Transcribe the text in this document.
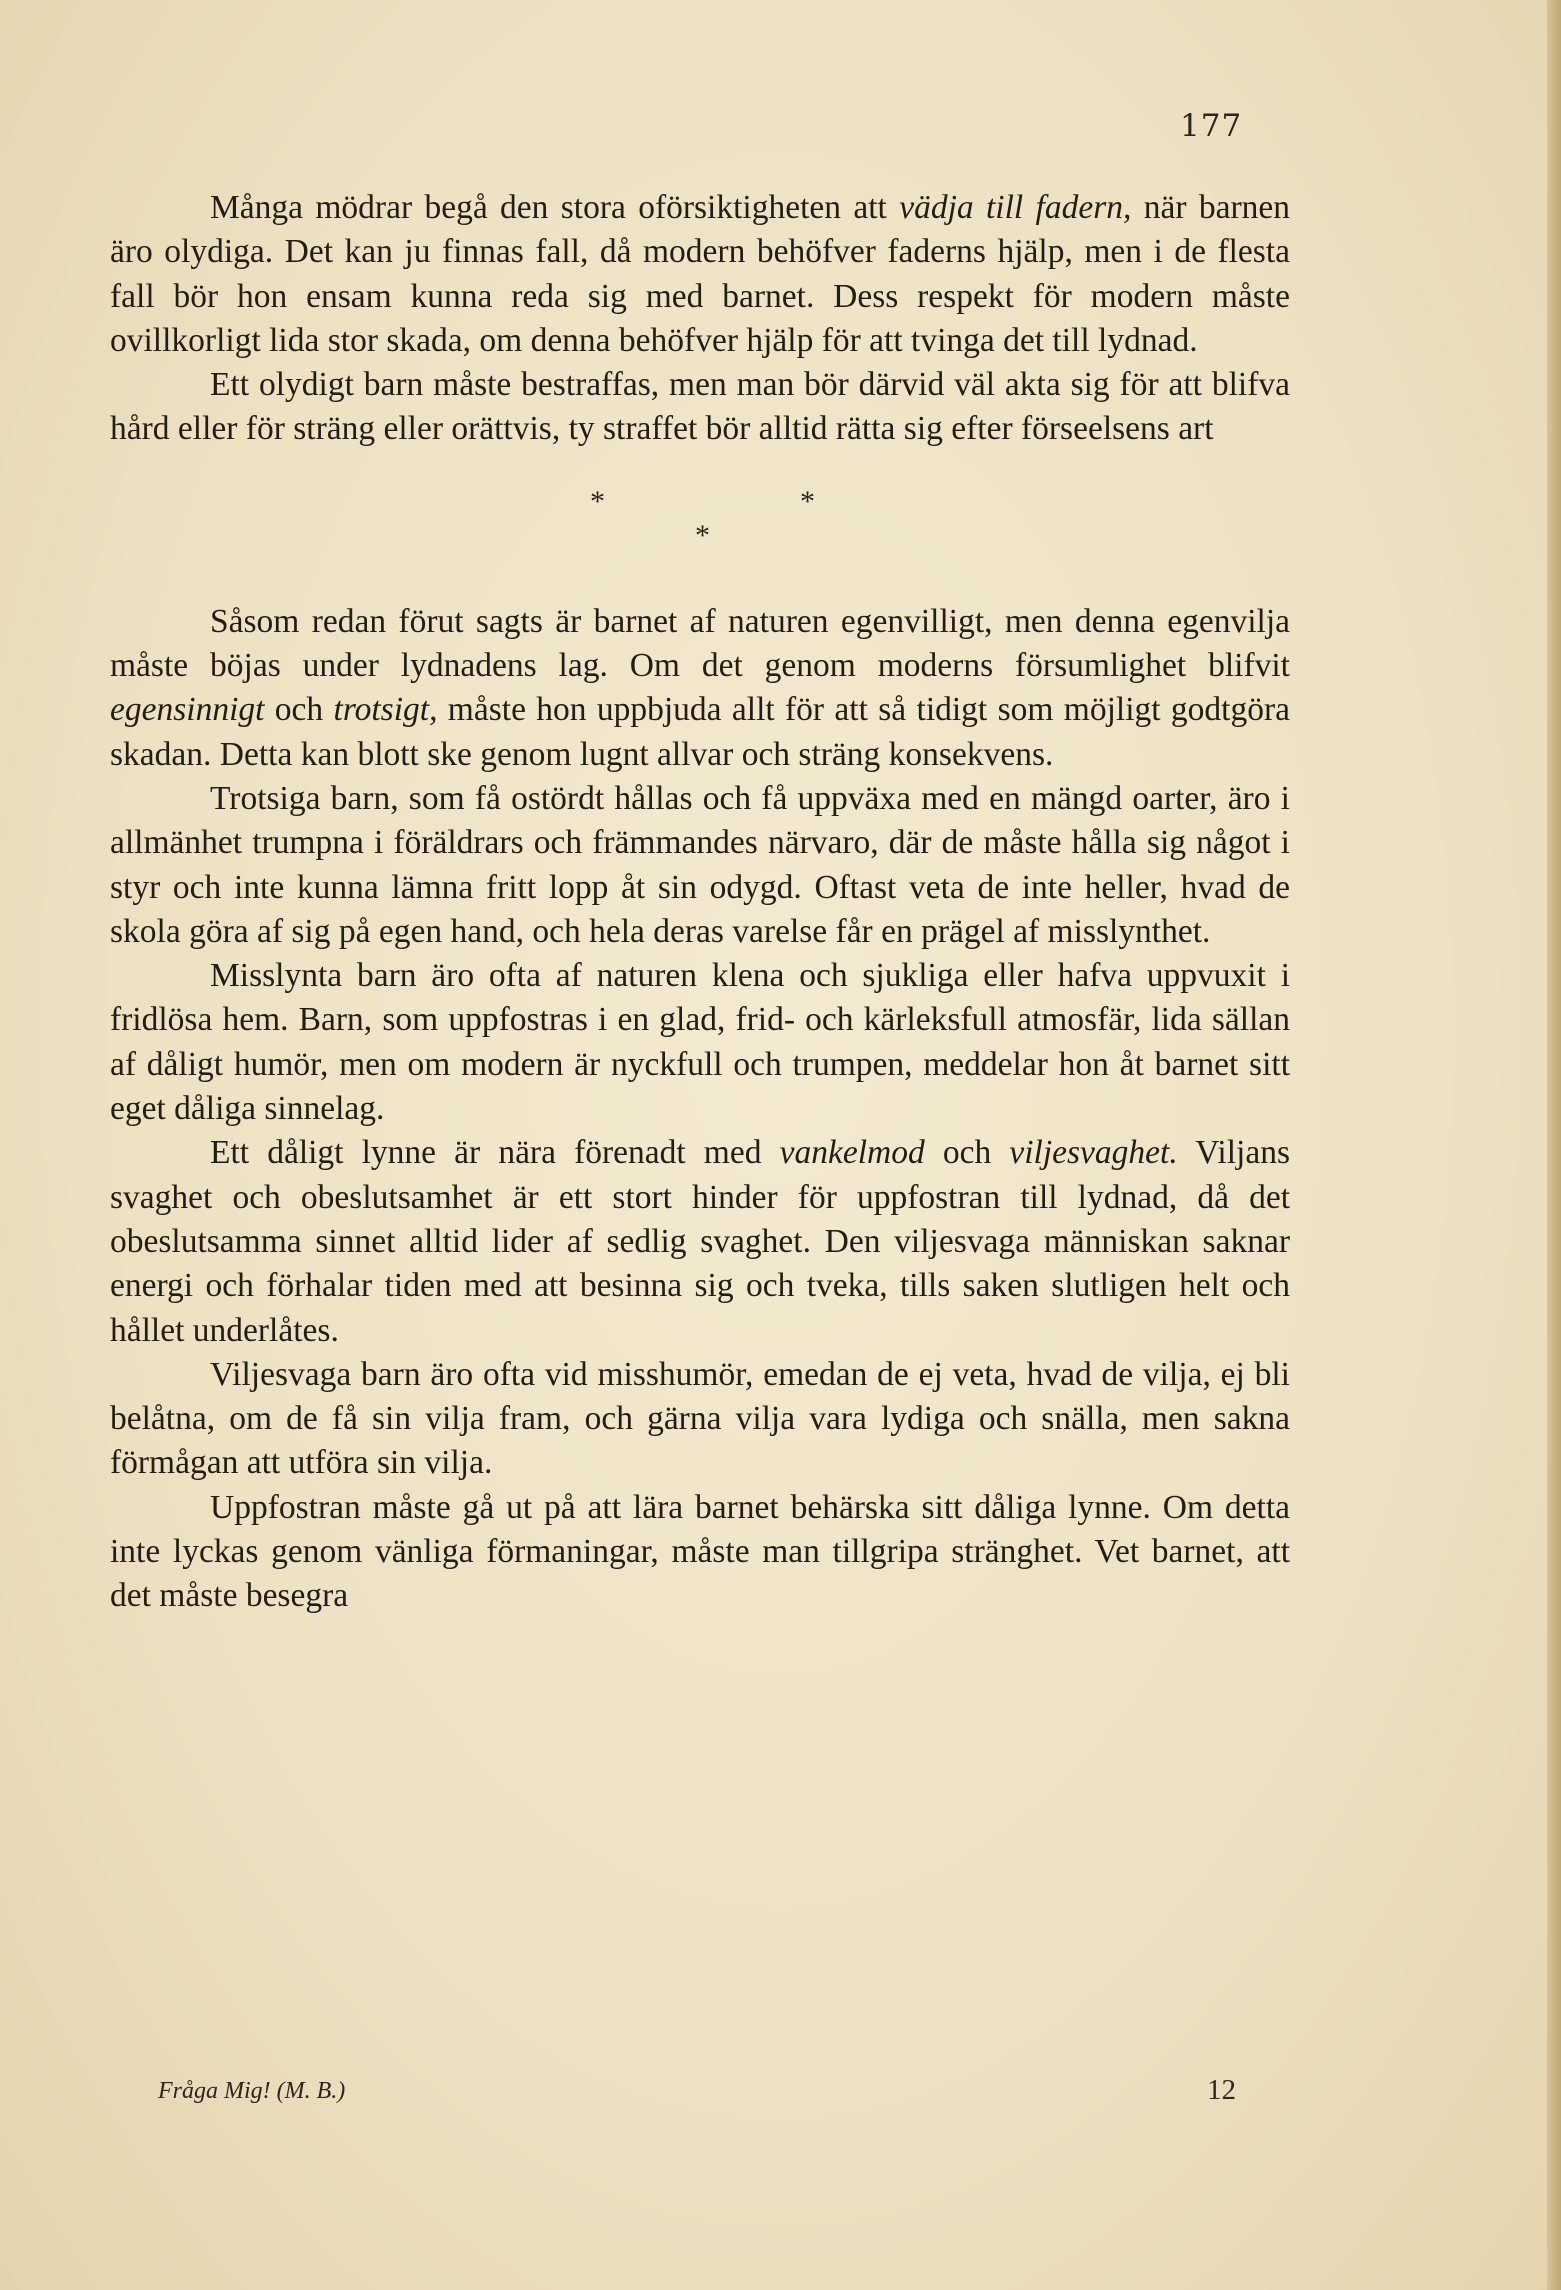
177

Många mödrar begå den stora oförsiktigheten att vädja till fadern, när barnen äro olydiga. Det kan ju finnas fall, då modern behöfver faderns hjälp, men i de flesta fall bör hon ensam kunna reda sig med barnet. Dess respekt för modern måste ovillkorligt lida stor skada, om denna behöfver hjälp för att tvinga det till lydnad.

Ett olydigt barn måste bestraffas, men man bör därvid väl akta sig för att blifva hård eller för sträng eller orättvis, ty straffet bör alltid rätta sig efter förseelsens art

*	*
*

Såsom redan förut sagts är barnet af naturen egenvilligt, men denna egenvilja måste böjas under lydnadens lag. Om det genom moderns försumlighet blifvit egensinnigt och trotsigt, måste hon uppbjuda allt för att så tidigt som möjligt godtgöra skadan. Detta kan blott ske genom lugnt allvar och sträng konsekvens.

Trotsiga barn, som få ostördt hållas och få uppväxa med en mängd oarter, äro i allmänhet trumpna i föräldrars och främmandes närvaro, där de måste hålla sig något i styr och inte kunna lämna fritt lopp åt sin odygd. Oftast veta de inte heller, hvad de skola göra af sig på egen hand, och hela deras varelse får en prägel af misslynthet.

Misslynta barn äro ofta af naturen klena och sjukliga eller hafva uppvuxit i fridlösa hem. Barn, som uppfostras i en glad, frid- och kärleksfull atmosfär, lida sällan af dåligt humör, men om modern är nyckfull och trumpen, meddelar hon åt barnet sitt eget dåliga sinnelag.

Ett dåligt lynne är nära förenadt med vankelmod och viljesvaghet. Viljans svaghet och obeslutsamhet är ett stort hinder för uppfostran till lydnad, då det obeslutsamma sinnet alltid lider af sedlig svaghet. Den viljesvaga människan saknar energi och förhalar tiden med att besinna sig och tveka, tills saken slutligen helt och hållet underlåtes.

Viljesvaga barn äro ofta vid misshumör, emedan de ej veta, hvad de vilja, ej bli belåtna, om de få sin vilja fram, och gärna vilja vara lydiga och snälla, men sakna förmågan att utföra sin vilja.

Uppfostran måste gå ut på att lära barnet behärska sitt dåliga lynne. Om detta inte lyckas genom vänliga förmaningar, måste man tillgripa stränghet. Vet barnet, att det måste besegra

Fråga Mig! (M. B.)	12
